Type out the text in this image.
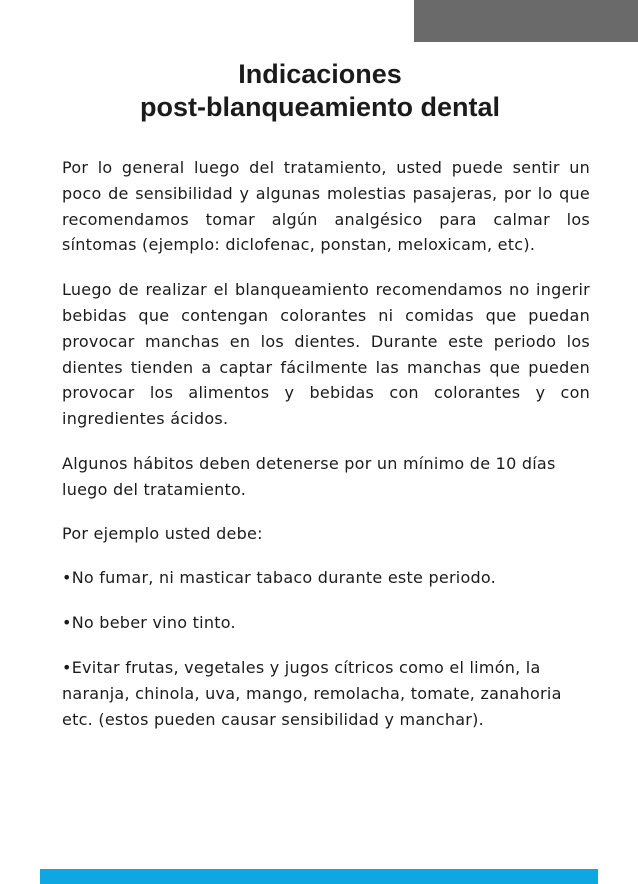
Indicaciones
post-blanqueamiento dental

Por lo general luego del tratamiento, usted puede sentir un poco de sensibilidad y algunas molestias pasajeras, por lo que recomendamos tomar algún analgésico para calmar los síntomas (ejemplo: diclofenac, ponstan, meloxicam, etc).

Luego de realizar el blanqueamiento recomendamos no ingerir bebidas que contengan colorantes ni comidas que puedan provocar manchas en los dientes. Durante este periodo los dientes tienden a captar fácilmente las manchas que pueden provocar los alimentos y bebidas con colorantes y con ingredientes ácidos.

Algunos hábitos deben detenerse por un mínimo de 10 días luego del tratamiento.

Por ejemplo usted debe:

•No fumar, ni masticar tabaco durante este periodo.

•No beber vino tinto.

•Evitar frutas, vegetales y jugos cítricos como el limón, la naranja, chinola, uva, mango, remolacha, tomate, zanahoria etc. (estos pueden causar sensibilidad y manchar).
